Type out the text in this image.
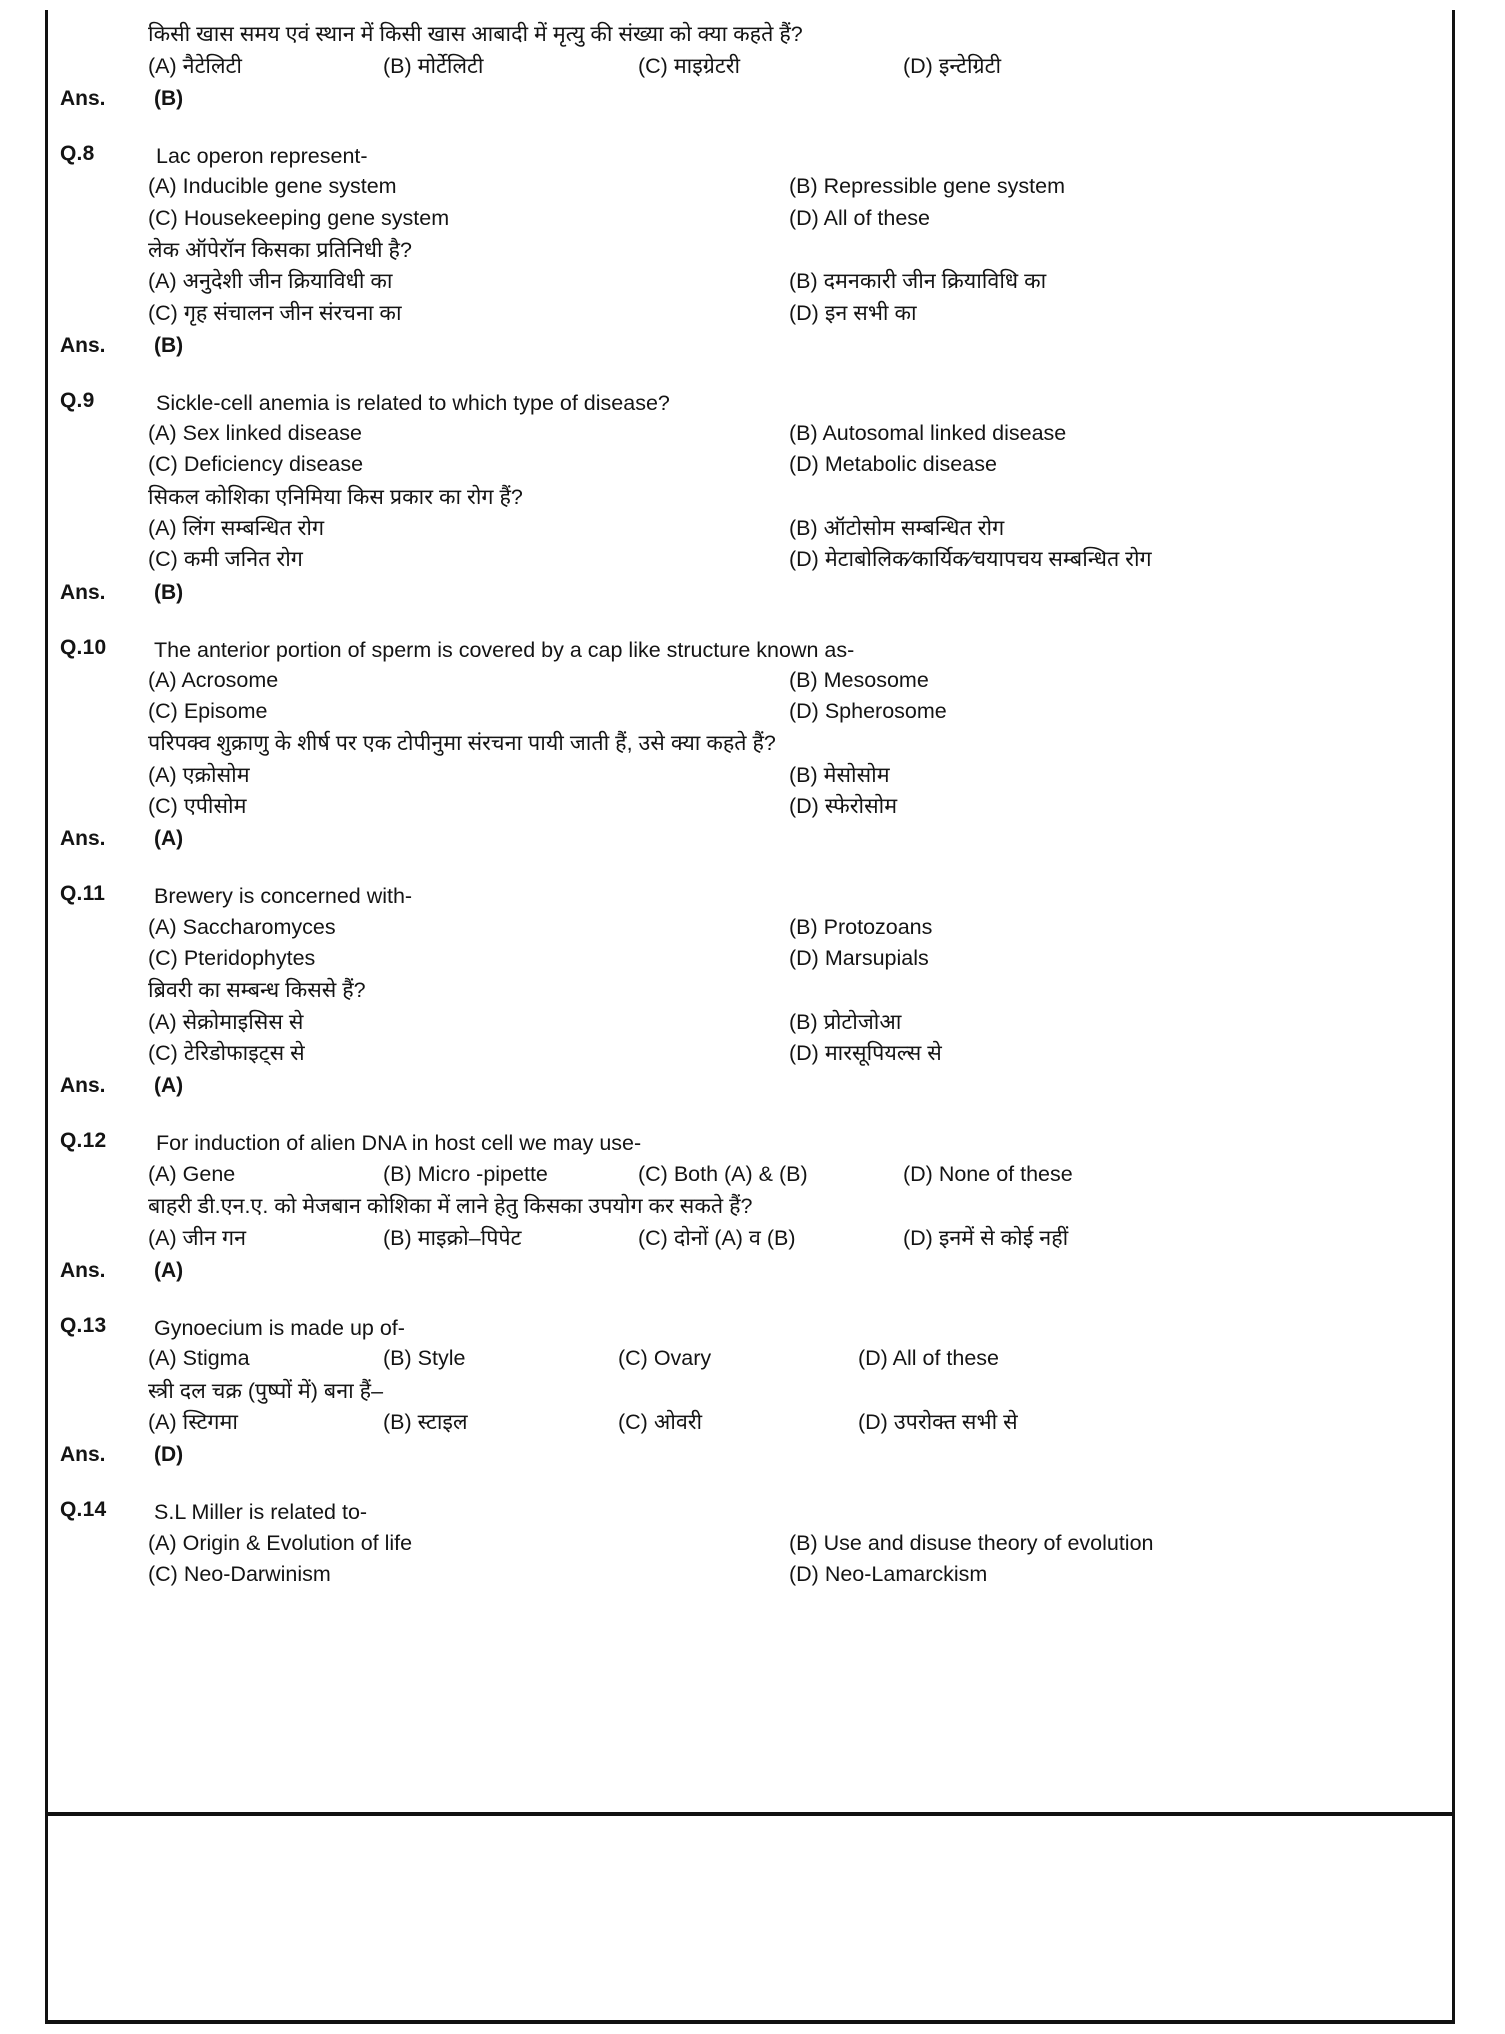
किसी खास समय एवं स्थान में किसी खास आबादी में मृत्यु की संख्या को क्या कहते हैं?
(A) नैटेलिटी	(B) मोर्टेलिटी	(C) माइग्रेटरी	(D) इन्टेग्रिटी
Ans.	(B)
Q.8	Lac operon represent-
(A) Inducible gene system	(B) Repressible gene system
(C) Housekeeping gene system	(D) All of these
लेक ऑपेरॉन किसका प्रतिनिधी है?
(A) अनुदेशी जीन क्रियाविधी का	(B) दमनकारी जीन क्रियाविधि का
(C) गृह संचालन जीन संरचना का	(D) इन सभी का
Ans.	(B)
Q.9	Sickle-cell anemia is related to which type of disease?
(A) Sex linked disease	(B) Autosomal linked disease
(C) Deficiency disease	(D) Metabolic disease
सिकल कोशिका एनिमिया किस प्रकार का रोग हैं?
(A) लिंग सम्बन्धित रोग	(B) ऑटोसोम सम्बन्धित रोग
(C) कमी जनित रोग	(D) मेटाबोलिक⁄कार्यिक⁄चयापचय सम्बन्धित रोग
Ans.	(B)
Q.10	The anterior portion of sperm is covered by a cap like structure known as-
(A) Acrosome	(B) Mesosome
(C) Episome	(D) Spherosome
परिपक्व शुक्राणु के शीर्ष पर एक टोपीनुमा संरचना पायी जाती हैं, उसे क्या कहते हैं?
(A) एक्रोसोम	(B) मेसोसोम
(C) एपीसोम	(D) स्फेरोसोम
Ans.	(A)
Q.11	Brewery is concerned with-
(A) Saccharomyces	(B) Protozoans
(C) Pteridophytes	(D) Marsupials
ब्रिवरी का सम्बन्ध किससे हैं?
(A) सेक्रोमाइसिस से	(B) प्रोटोजोआ
(C) टेरिडोफाइट्स से	(D) मारसूपियल्स से
Ans.	(A)
Q.12	For induction of alien DNA in host cell we may use-
(A) Gene	(B) Micro -pipette	(C) Both (A) & (B)	(D) None of these
बाहरी डी.एन.ए. को मेजबान कोशिका में लाने हेतु किसका उपयोग कर सकते हैं?
(A) जीन गन	(B) माइक्रो–पिपेट	(C) दोनों (A) व (B)	(D) इनमें से कोई नहीं
Ans.	(A)
Q.13	Gynoecium is made up of-
(A) Stigma	(B) Style	(C) Ovary	(D) All of these
स्त्री दल चक्र (पुष्पों में) बना हैं–
(A) स्टिगमा	(B) स्टाइल	(C) ओवरी	(D) उपरोक्त सभी से
Ans.	(D)
Q.14	S.L Miller is related to-
(A) Origin & Evolution of life	(B) Use and disuse theory of evolution
(C) Neo-Darwinism	(D) Neo-Lamarckism
